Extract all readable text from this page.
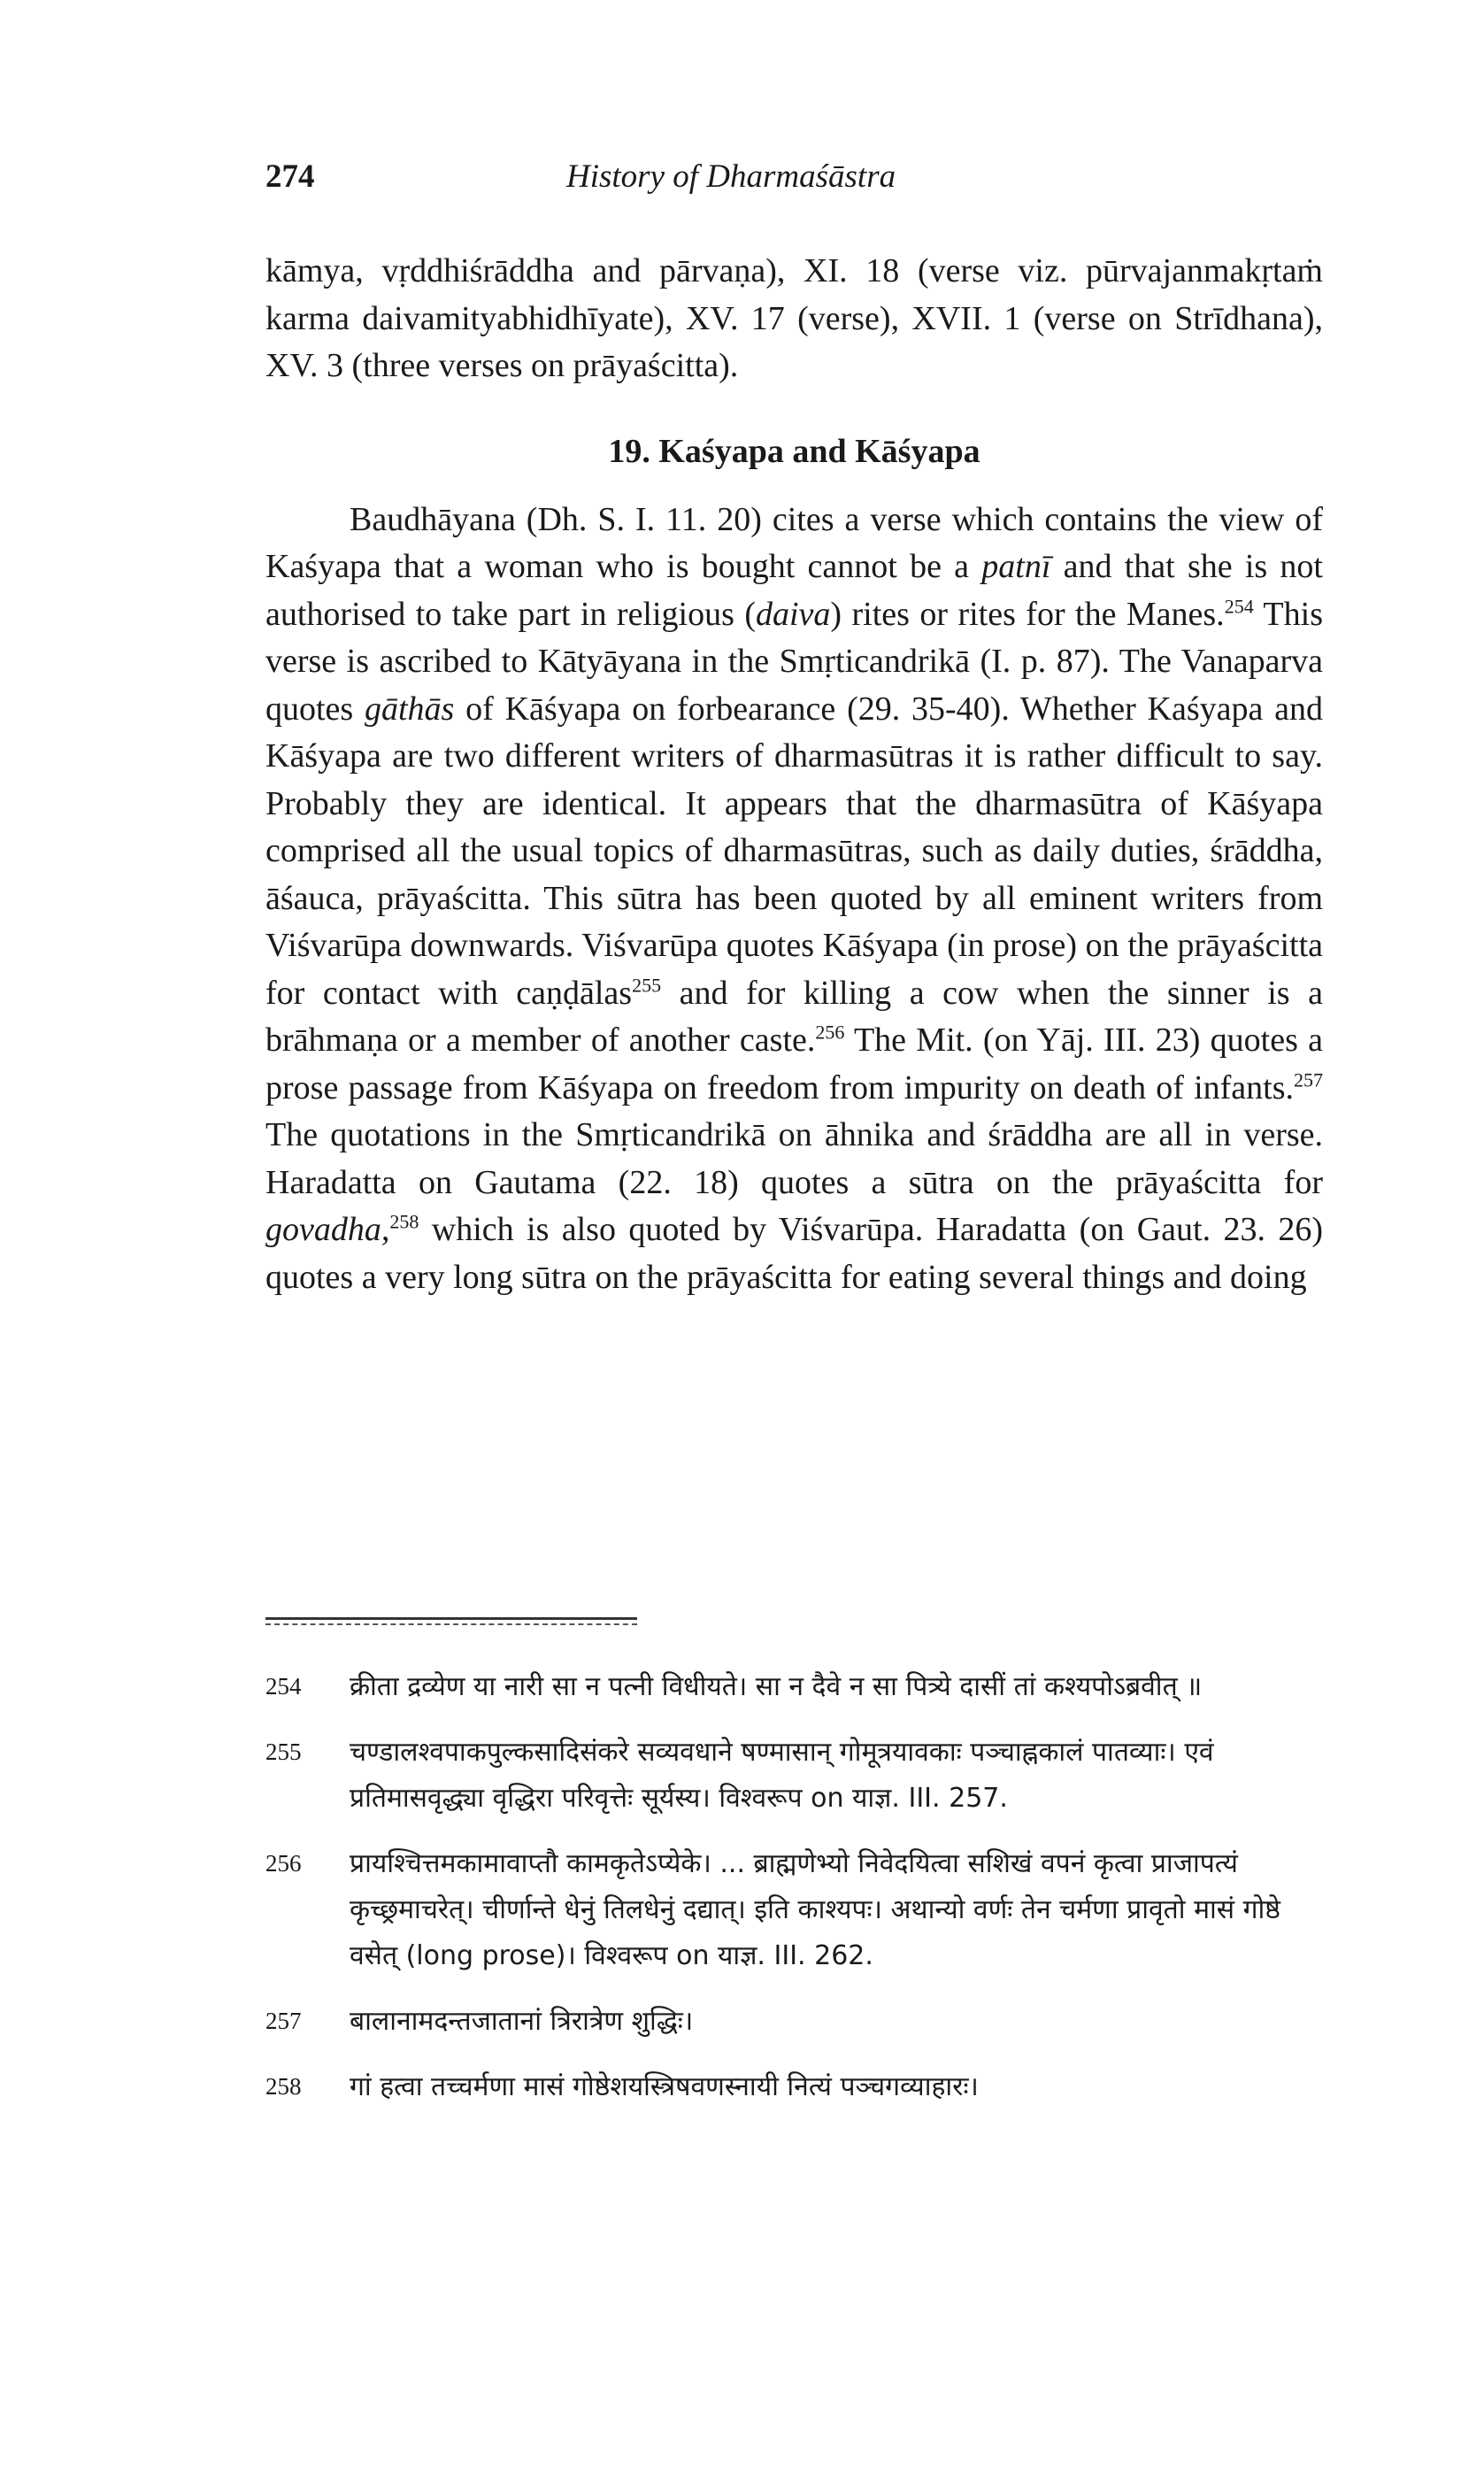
274	History of Dharmaśāstra

kāmya, vṛddhiśrāddha and pārvaṇa), XI. 18 (verse viz. pūrvajanmakṛtaṁ karma daivamityabhidhīyate), XV. 17 (verse), XVII. 1 (verse on Strīdhana), XV. 3 (three verses on prāyaścitta).

19. Kaśyapa and Kāśyapa

Baudhāyana (Dh. S. I. 11. 20) cites a verse which contains the view of Kaśyapa that a woman who is bought cannot be a patnī and that she is not authorised to take part in religious (daiva) rites or rites for the Manes.$^{254}$ This verse is ascribed to Kātyāyana in the Smṛticandrikā (I. p. 87). The Vanaparva quotes gāthās of Kāśyapa on forbearance (29. 35-40). Whether Kaśyapa and Kāśyapa are two different writers of dharmasūtras it is rather difficult to say. Probably they are identical. It appears that the dharmasūtra of Kāśyapa comprised all the usual topics of dharmasūtras, such as daily duties, śrāddha, āśauca, prāyaścitta. This sūtra has been quoted by all eminent writers from Viśvarūpa downwards. Viśvarūpa quotes Kāśyapa (in prose) on the prāyaścitta for contact with caṇḍālas$^{255}$ and for killing a cow when the sinner is a brāhmaṇa or a member of another caste.$^{256}$ The Mit. (on Yāj. III. 23) quotes a prose passage from Kāśyapa on freedom from impurity on death of infants.$^{257}$ The quotations in the Smṛticandrikā on āhnika and śrāddha are all in verse. Haradatta on Gautama (22. 18) quotes a sūtra on the prāyaścitta for govadha,$^{258}$ which is also quoted by Viśvarūpa. Haradatta (on Gaut. 23. 26) quotes a very long sūtra on the prāyaścitta for eating several things and doing

254	क्रीता द्रव्येण या नारी सा न पत्नी विधीयते। सा न दैवे न सा पित्र्ये दासीं तां कश्यपोऽब्रवीत् ॥
255	चण्डालश्वपाकपुल्कसादिसंकरे सव्यवधाने षण्मासान् गोमूत्रयावकाः पञ्चाह्नकालं पातव्याः। एवं प्रतिमासवृद्ध्या वृद्धिरा परिवृत्तेः सूर्यस्य। विश्वरूप on याज्ञ. III. 257.
256	प्रायश्चित्तमकामावाप्तौ कामकृतेऽप्येके। ... ब्राह्मणेभ्यो निवेदयित्वा सशिखं वपनं कृत्वा प्राजापत्यं कृच्छ्रमाचरेत्। चीर्णान्ते धेनुं तिलधेनुं दद्यात्। इति काश्यपः। अथान्यो वर्णः तेन चर्मणा प्रावृतो मासं गोष्ठे वसेत् (long prose)। विश्वरूप on याज्ञ. III. 262.
257	बालानामदन्तजातानां त्रिरात्रेण शुद्धिः।
258	गां हत्वा तच्चर्मणा मासं गोष्ठेशयस्त्रिषवणस्नायी नित्यं पञ्चगव्याहारः।
